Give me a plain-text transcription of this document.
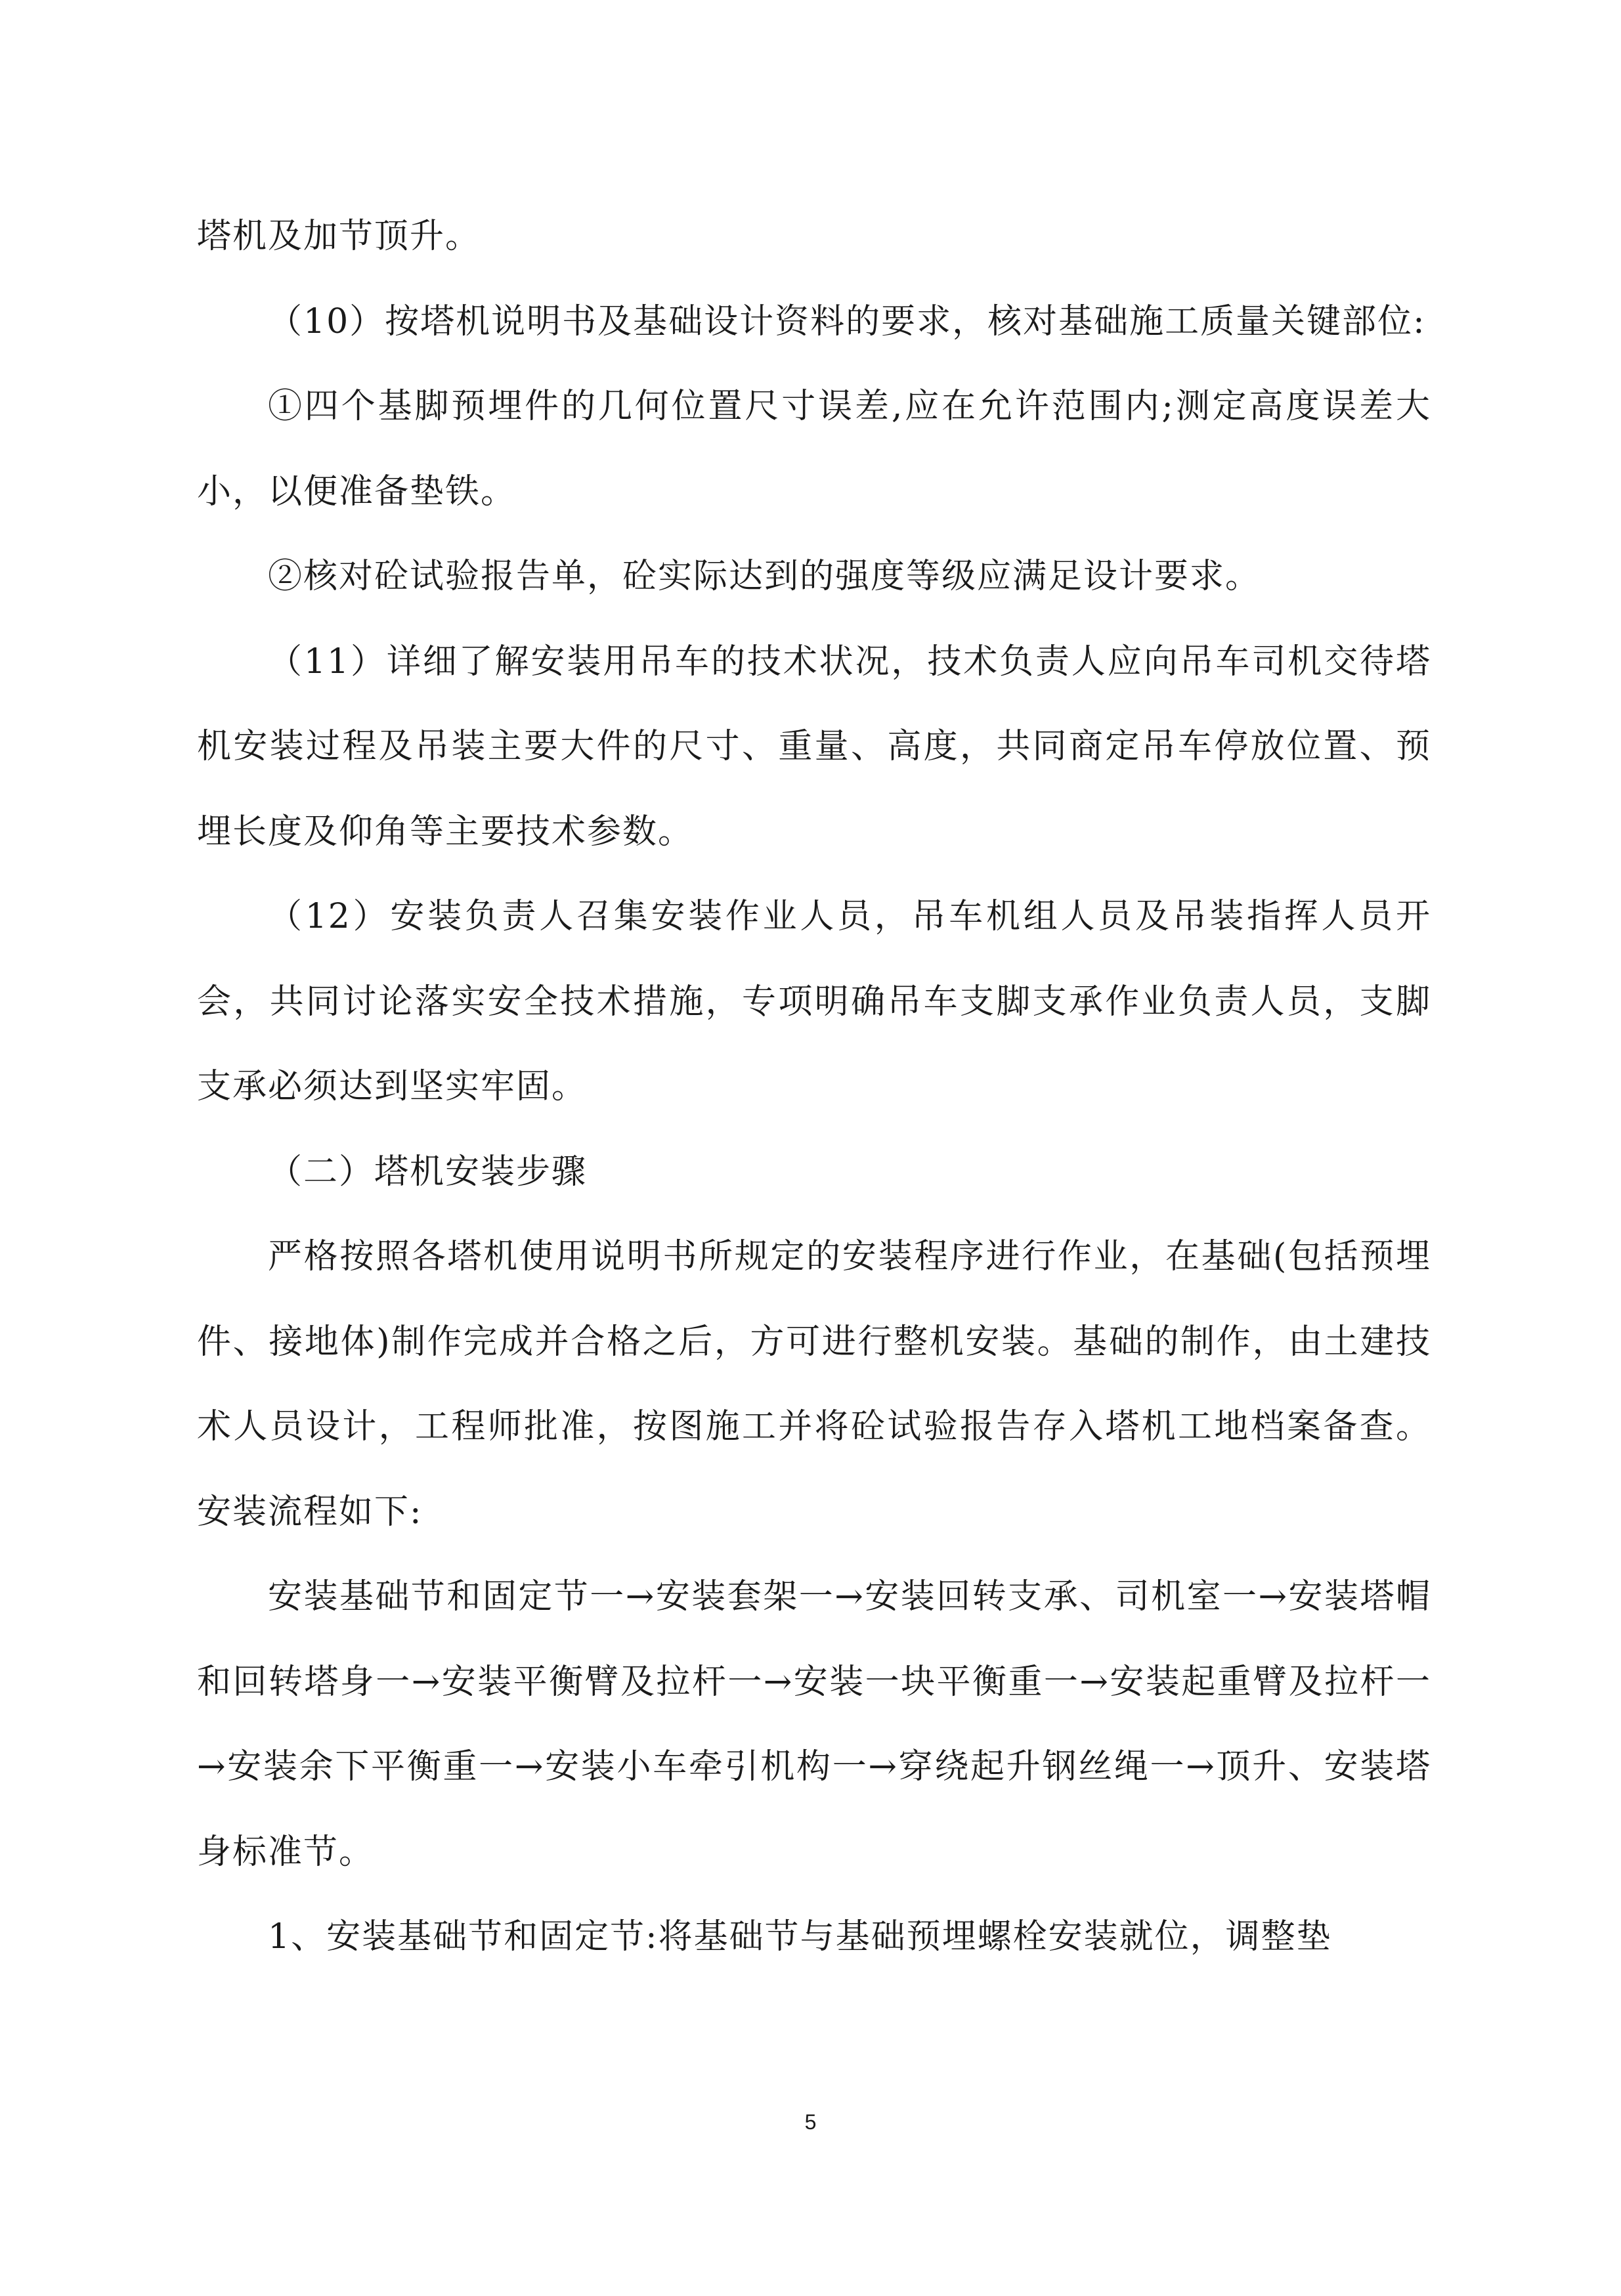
塔机及加节顶升。

（10）按塔机说明书及基础设计资料的要求，核对基础施工质量关键部位:

①四个基脚预埋件的几何位置尺寸误差,应在允许范围内;测定高度误差大小，以便准备垫铁。

②核对砼试验报告单，砼实际达到的强度等级应满足设计要求。

（11）详细了解安装用吊车的技术状况，技术负责人应向吊车司机交待塔机安装过程及吊装主要大件的尺寸、重量、高度，共同商定吊车停放位置、预埋长度及仰角等主要技术参数。

（12）安装负责人召集安装作业人员，吊车机组人员及吊装指挥人员开会，共同讨论落实安全技术措施，专项明确吊车支脚支承作业负责人员，支脚支承必须达到坚实牢固。

（二）塔机安装步骤

严格按照各塔机使用说明书所规定的安装程序进行作业，在基础(包括预埋件、接地体)制作完成并合格之后，方可进行整机安装。基础的制作，由土建技术人员设计，工程师批准，按图施工并将砼试验报告存入塔机工地档案备查。安装流程如下:

安装基础节和固定节一→安装套架一→安装回转支承、司机室一→安装塔帽和回转塔身一→安装平衡臂及拉杆一→安装一块平衡重一→安装起重臂及拉杆一→安装余下平衡重一→安装小车牵引机构一→穿绕起升钢丝绳一→顶升、安装塔身标准节。

1、安装基础节和固定节:将基础节与基础预埋螺栓安装就位，调整垫

5
